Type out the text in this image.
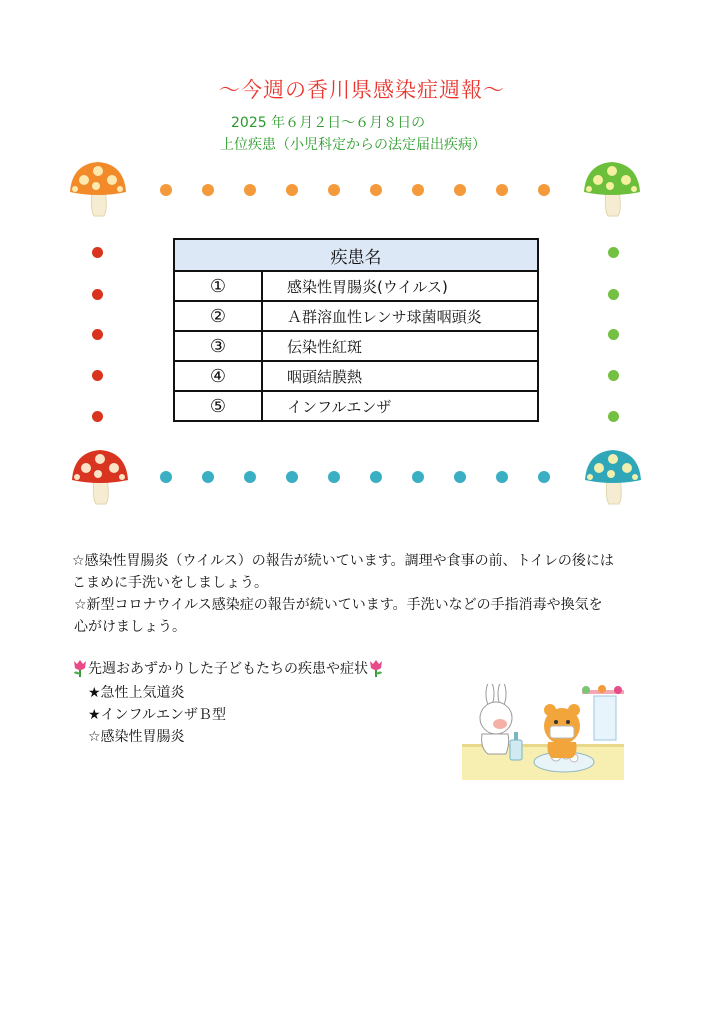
～今週の香川県感染症週報～
2025 年６月２日～６月８日の
上位疾患（小児科定からの法定届出疾病）
疾患名	
①	感染性胃腸炎(ウイルス)
②	Ａ群溶血性レンサ球菌咽頭炎
③	伝染性紅斑
④	咽頭結膜熱
⑤	インフルエンザ
☆感染性胃腸炎（ウイルス）の報告が続いています。調理や食事の前、トイレの後には
こまめに手洗いをしましょう。
☆新型コロナウイルス感染症の報告が続いています。手洗いなどの手指消毒や換気を
心がけましょう。
先週おあずかりした子どもたちの疾患や症状
★急性上気道炎
★インフルエンザＢ型
☆感染性胃腸炎
